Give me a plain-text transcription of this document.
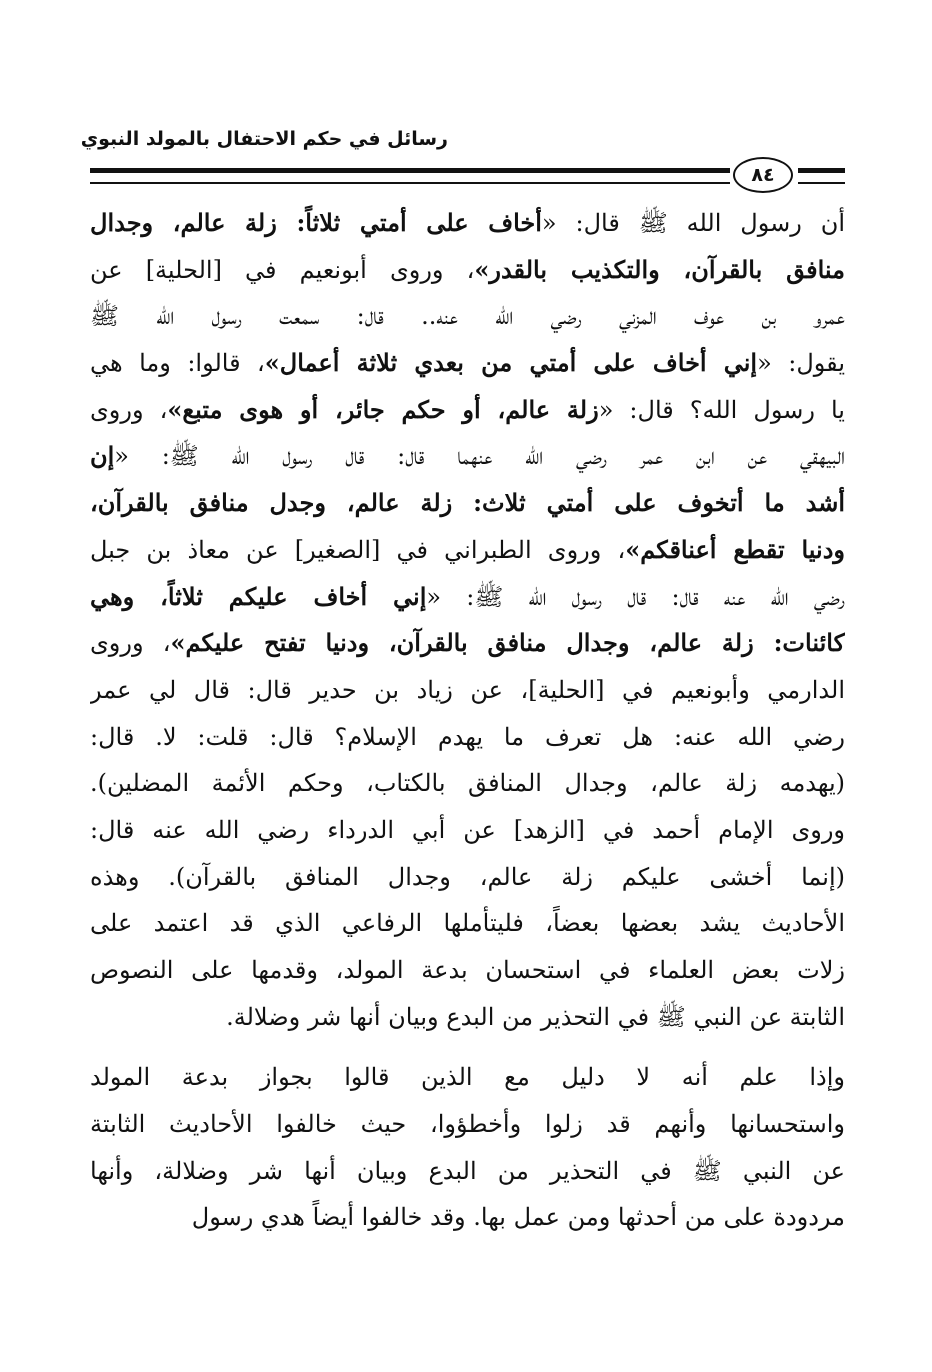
رسائل في حكم الاحتفال بالمولد النبوي
٨٤
أن رسول الله ﷺ قال: «أخاف على أمتي ثلاثاً: زلة عالم، وجدال
منافق بالقرآن، والتكذيب بالقدر»، وروى أبونعيم في [الحلية] عن
عمرو بن عوف المزني رضي الله عنه.. قال: سمعت رسول الله ﷺ
يقول: «إني أخاف على أمتي من بعدي ثلاثة أعمال»، قالوا: وما هي
يا رسول الله؟ قال: «زلة عالم، أو حكم جائر، أو هوى متبع»، وروى
البيهقي عن ابن عمر رضي الله عنهما قال: قال رسول الله ﷺ: «إن
أشد ما أتخوف على أمتي ثلاث: زلة عالم، وجدل منافق بالقرآن،
ودنيا تقطع أعناقكم»، وروى الطبراني في [الصغير] عن معاذ بن جبل
رضي الله عنه قال: قال رسول الله ﷺ: «إني أخاف عليكم ثلاثاً، وهي
كائنات: زلة عالم، وجدال منافق بالقرآن، ودنيا تفتح عليكم»، وروى
الدارمي وأبونعيم في [الحلية]، عن زياد بن حدير قال: قال لي عمر
رضي الله عنه: هل تعرف ما يهدم الإسلام؟ قال: قلت: لا. قال:
(يهدمه زلة عالم، وجدال المنافق بالكتاب، وحكم الأئمة المضلين).
وروى الإمام أحمد في [الزهد] عن أبي الدرداء رضي الله عنه قال:
(إنما أخشى عليكم زلة عالم، وجدال المنافق بالقرآن). وهذه
الأحاديث يشد بعضها بعضاً، فليتأملها الرفاعي الذي قد اعتمد على
زلات بعض العلماء في استحسان بدعة المولد، وقدمها على النصوص
الثابتة عن النبي ﷺ في التحذير من البدع وبيان أنها شر وضلالة.
وإذا علم أنه لا دليل مع الذين قالوا بجواز بدعة المولد
واستحسانها وأنهم قد زلوا وأخطؤوا، حيث خالفوا الأحاديث الثابتة
عن النبي ﷺ في التحذير من البدع وبيان أنها شر وضلالة، وأنها
مردودة على من أحدثها ومن عمل بها. وقد خالفوا أيضاً هدي رسول
